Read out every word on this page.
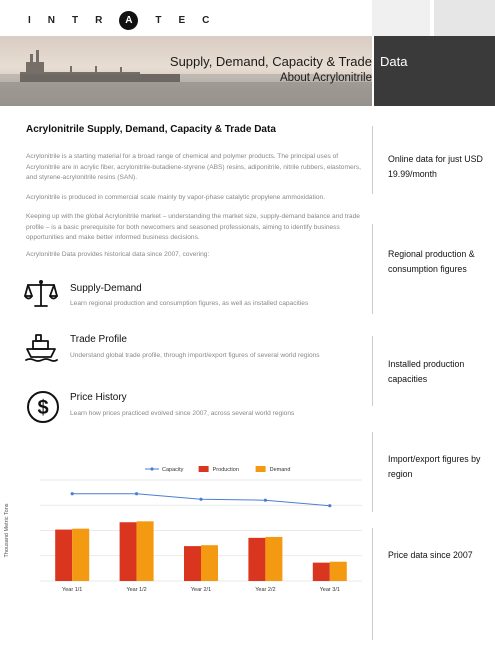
I N T R	A	T E C
Supply, Demand, Capacity & Trade
About Acrylonitrile
Data
Acrylonitrile Supply, Demand, Capacity & Trade Data
Acrylonitrile is a starting material for a broad range of chemical and polymer products. The principal uses of Acrylonitrile are in acrylic fiber, acrylonitrile-butadiene-styrene (ABS) resins, adiponitrile, nitrile rubbers, elastomers, and styrene-acrylonitrile resins (SAN).
Acrylonitrile is produced in commercial scale mainly by vapor-phase catalytic propylene ammoxidation.
Keeping up with the global Acrylonitrile market – understanding the market size, supply-demand balance and trade profile – is a basic prerequisite for both newcomers and seasoned professionals, aiming to identify business opportunities and make better informed business decisions.
Acrylonitrile Data provides historical data since 2007, covering:
Supply-Demand
Learn regional production and consumption figures, as well as installed capacities
Trade Profile
Understand global trade profile, through import/export figures of several world regions
$ Price History
Learn how prices practiced evolved since 2007, across several world regions
Online data for just USD 19.99/month
Regional production & consumption figures
Installed production capacities
Import/export figures by region
Price data since 2007
Thousand Metric Tons
Year 1/1	Year 1/2	Year 2/1	Year 2/2	Year 3/1
Capacity	Production	Demand
